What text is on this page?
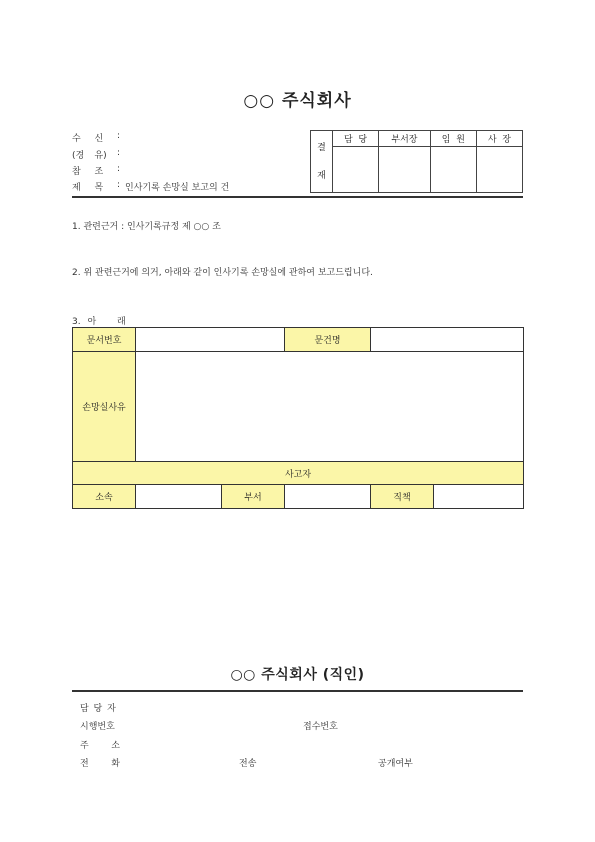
○○ 주식회사
수 신 :
(경 유) :
참 조 :
제 목 : 인사기록 손망실 보고의 건
결
재	담  당	부서장	임  원	사  장

1. 관련근거 : 인사기록규정 제 ○○ 조
2. 위 관련근거에 의거, 아래와 같이 인사기록 손망실에 관하여 보고드립니다.
3. 아 래
문서번호			문건명		
손망실사유					
사고자					
소속		부서		직책	
○○ 주식회사 (직인)
담 당 자
시행번호	접수번호
주	소
전	화	전송	공개여부
